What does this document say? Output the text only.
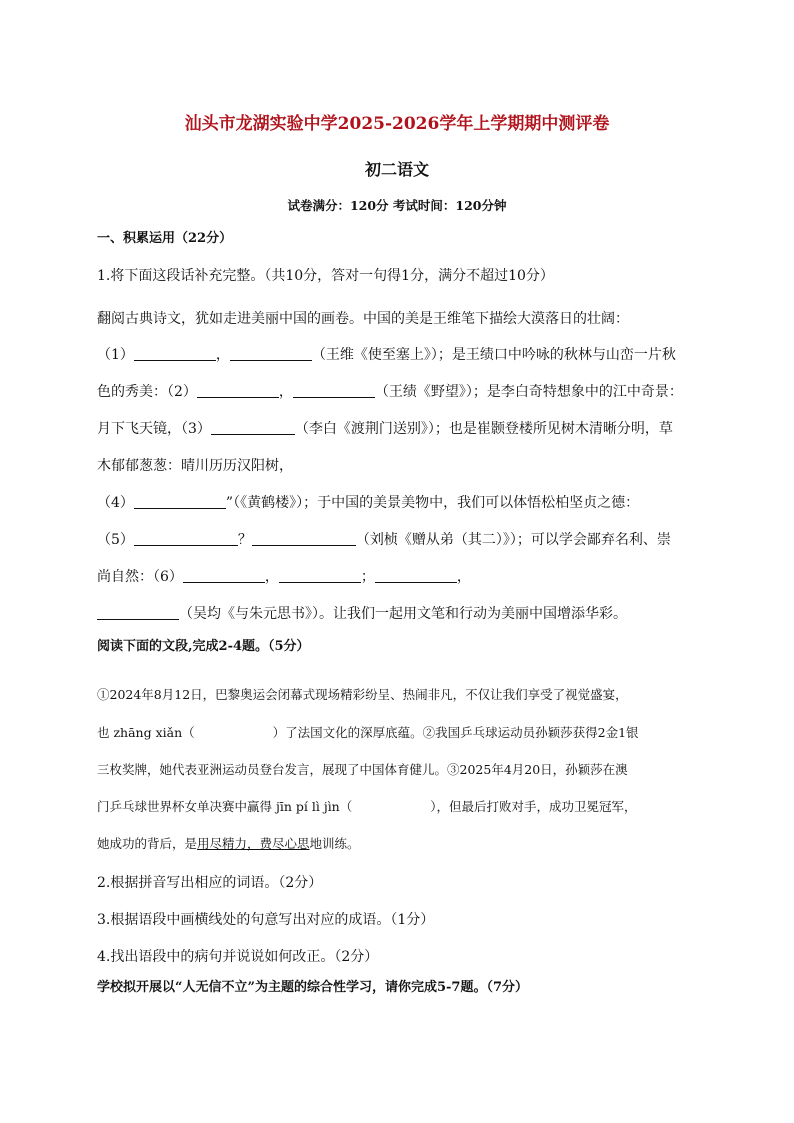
汕头市龙湖实验中学2025-2026学年上学期期中测评卷
初二语文
试卷满分：120分 考试时间：120分钟
一、积累运用（22分）
1.将下面这段话补充完整。（共10分，答对一句得1分，满分不超过10分）
翻阅古典诗文，犹如走进美丽中国的画卷。中国的美是王维笔下描绘大漠落日的壮阔：
（1）	，	（王维《使至塞上》）；是王绩口中吟咏的秋林与山峦一片秋
色的秀美：（2）	，	（王绩《野望》）；是李白奇特想象中的江中奇景：
月下飞天镜，（3）	（李白《渡荆门送别》）；也是崔颢登楼所见树木清晰分明，草
木郁郁葱葱：晴川历历汉阳树，
（4）	”（《黄鹤楼》）；于中国的美景美物中，我们可以体悟松柏坚贞之德：
（5）	？	（刘桢《赠从弟（其二）》）；可以学会鄙弃名利、崇
尚自然：（6）	，	；	，
（吴均《与朱元思书》）。让我们一起用文笔和行动为美丽中国增添华彩。
阅读下面的文段,完成2-4题。（5分）
①2024年8月12日，巴黎奥运会闭幕式现场精彩纷呈、热闹非凡，不仅让我们享受了视觉盛宴，
也 zhāng xiǎn（	）了法国文化的深厚底蕴。②我国乒乓球运动员孙颖莎获得2金1银
三枚奖牌，她代表亚洲运动员登台发言，展现了中国体育健儿。③2025年4月20日，孙颖莎在澳
门乒乓球世界杯女单决赛中赢得 jīn pí lì jìn（	），但最后打败对手，成功卫冕冠军，
她成功的背后，是用尽精力，费尽心思地训练。
2.根据拼音写出相应的词语。（2分）
3.根据语段中画横线处的句意写出对应的成语。（1分）
4.找出语段中的病句并说说如何改正。（2分）
学校拟开展以“人无信不立”为主题的综合性学习，请你完成5-7题。（7分）
